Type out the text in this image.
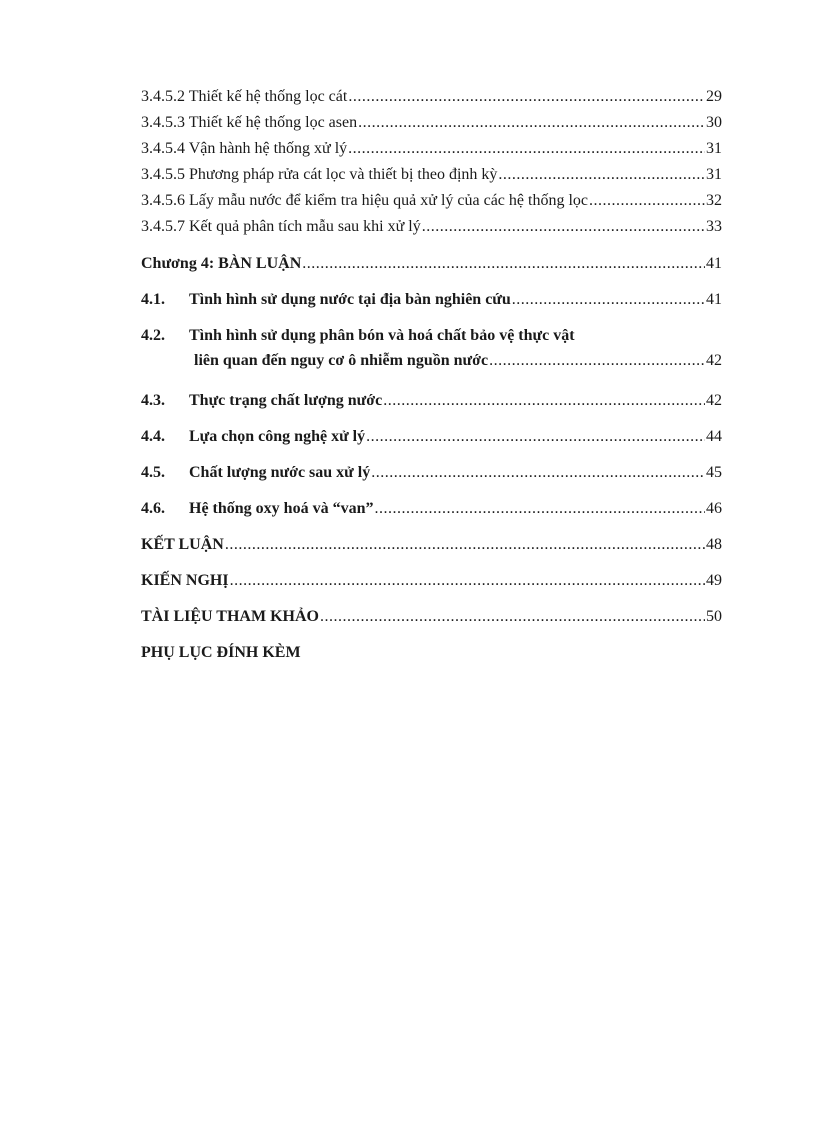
3.4.5.2 Thiết kế hệ thống lọc cát .....	29
3.4.5.3 Thiết kế hệ thống lọc asen .....	30
3.4.5.4 Vận hành hệ thống xử lý .....	31
3.4.5.5 Phương pháp rửa cát lọc và thiết bị theo định kỳ .....	31
3.4.5.6 Lấy mẫu nước để kiểm tra hiệu quả xử lý của các hệ thống lọc .....	32
3.4.5.7 Kết quả phân tích mẫu sau khi xử lý .....	33
Chương 4: BÀN LUẬN .....	41
4.1.	Tình hình sử dụng nước tại địa bàn nghiên cứu .....	41
4.2.	Tình hình sử dụng phân bón và hoá chất bảo vệ thực vật
liên quan đến nguy cơ ô nhiễm nguồn nước .....	42
4.3.	Thực trạng chất lượng nước .....	42
4.4.	Lựa chọn công nghệ xử lý .....	44
4.5.	Chất lượng nước sau xử lý .....	45
4.6.	Hệ thống oxy hoá và “van” .....	46
KẾT LUẬN .....	48
KIẾN NGHỊ .....	49
TÀI LIỆU THAM KHẢO .....	50
PHỤ LỤC ĐÍNH KÈM
